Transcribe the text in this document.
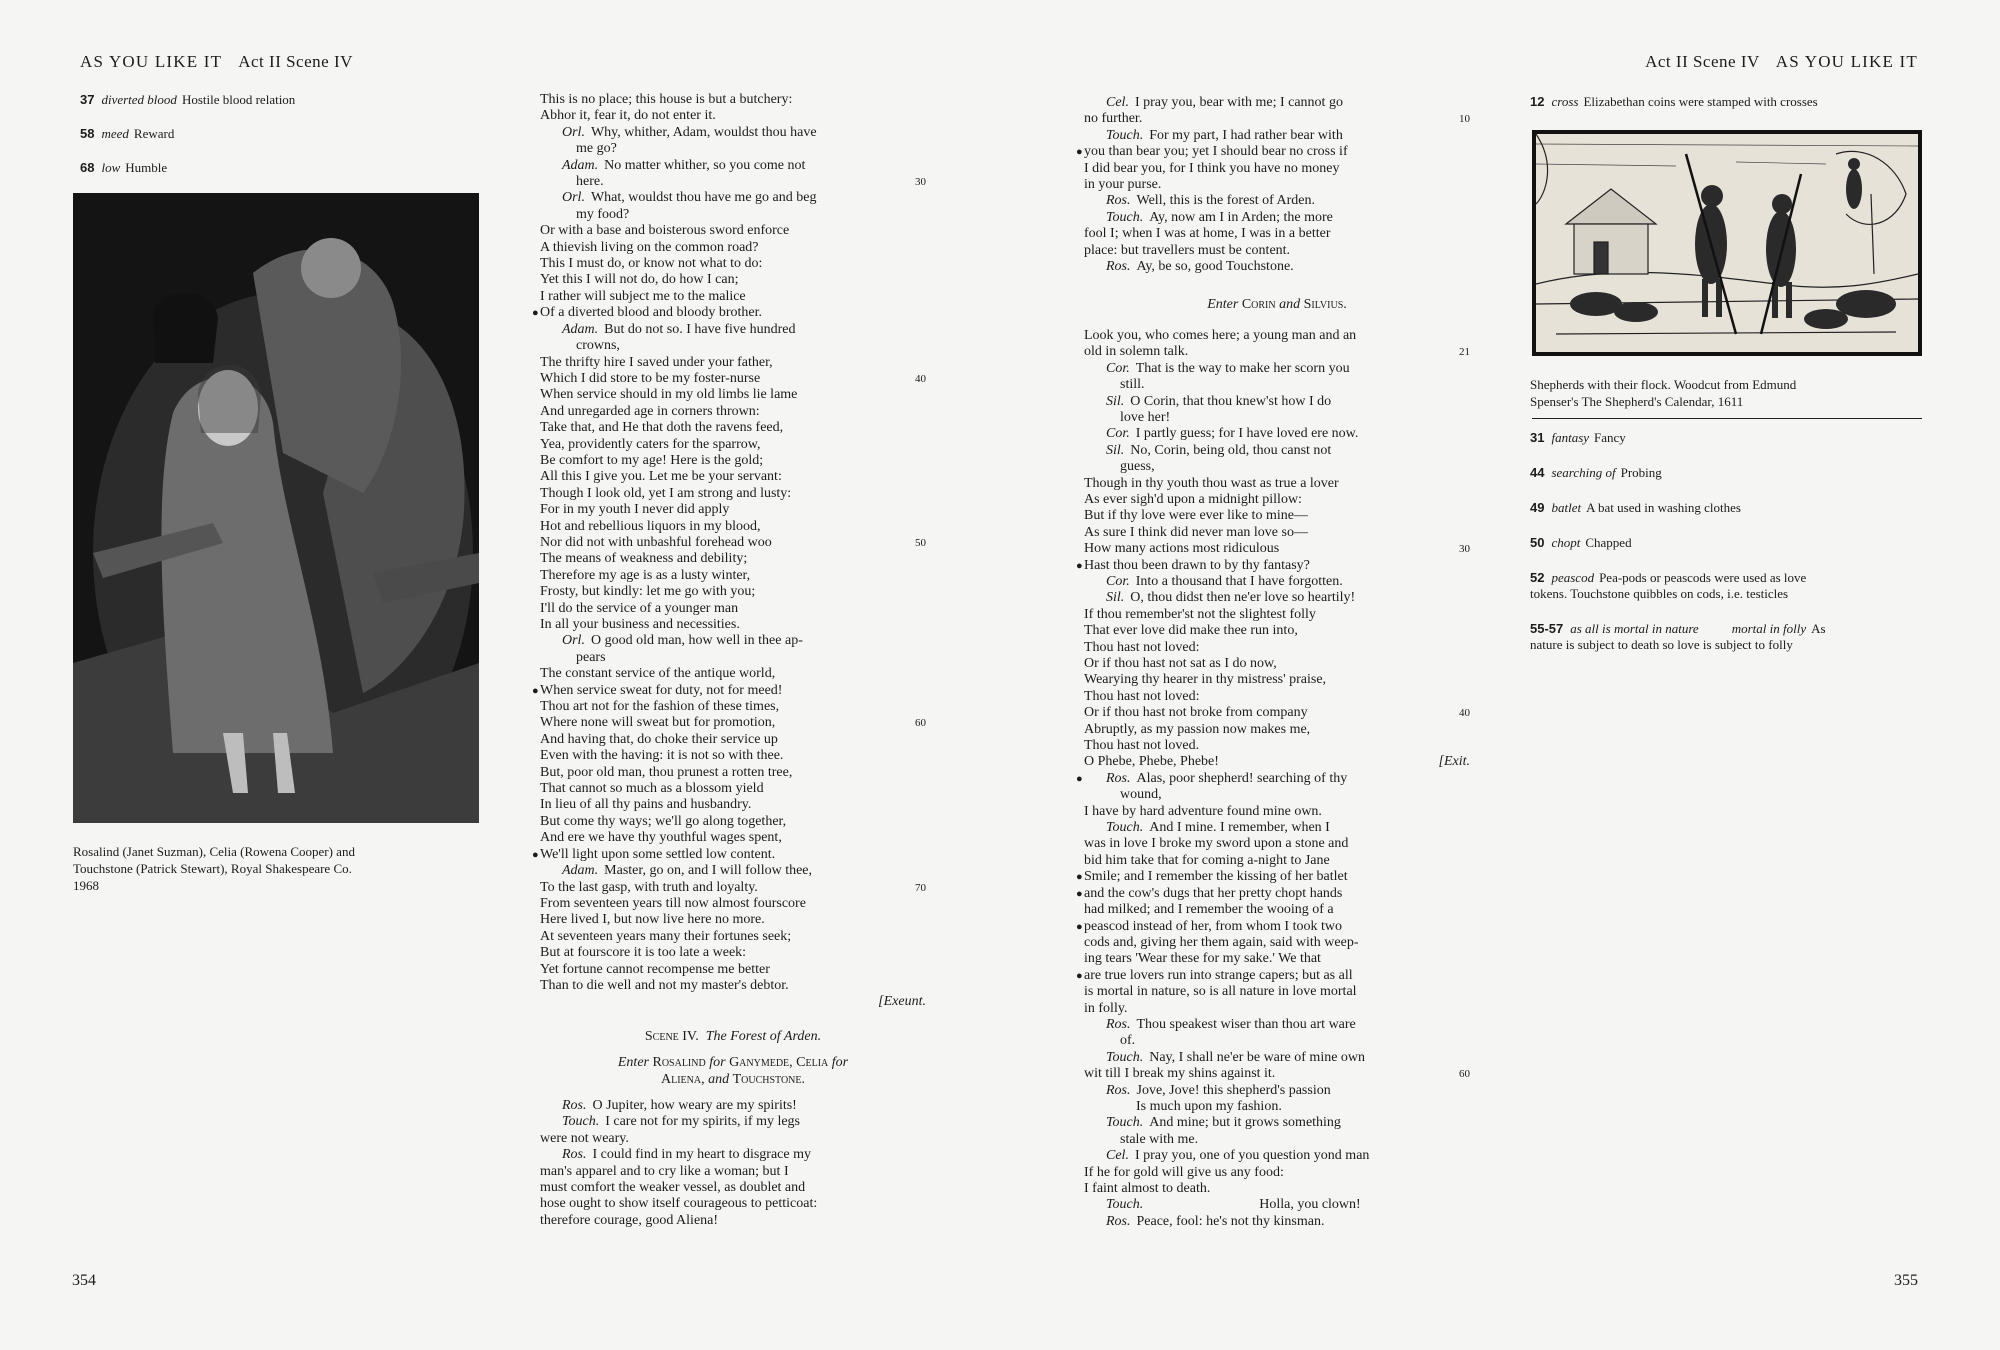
AS YOU LIKE IT Act II Scene IV
37 diverted blood Hostile blood relation
58 meed Reward
68 low Humble
Rosalind (Janet Suzman), Celia (Rowena Cooper) and
Touchstone (Patrick Stewart), Royal Shakespeare Co.
1968
This is no place; this house is but a butchery:
Abhor it, fear it, do not enter it.
Orl. Why, whither, Adam, wouldst thou have
me go?
Adam. No matter whither, so you come not
here.	30
Orl. What, wouldst thou have me go and beg
my food?
Or with a base and boisterous sword enforce
A thievish living on the common road?
This I must do, or know not what to do:
Yet this I will not do, do how I can;
I rather will subject me to the malice
● Of a diverted blood and bloody brother.
Adam. But do not so. I have five hundred
crowns,
The thrifty hire I saved under your father,
Which I did store to be my foster-nurse	40
When service should in my old limbs lie lame
And unregarded age in corners thrown:
Take that, and He that doth the ravens feed,
Yea, providently caters for the sparrow,
Be comfort to my age! Here is the gold;
All this I give you. Let me be your servant:
Though I look old, yet I am strong and lusty:
For in my youth I never did apply
Hot and rebellious liquors in my blood,
Nor did not with unbashful forehead woo	50
The means of weakness and debility;
Therefore my age is as a lusty winter,
Frosty, but kindly: let me go with you;
I'll do the service of a younger man
In all your business and necessities.
Orl. O good old man, how well in thee ap-
pears
The constant service of the antique world,
● When service sweat for duty, not for meed!
Thou art not for the fashion of these times,
Where none will sweat but for promotion,	60
And having that, do choke their service up
Even with the having: it is not so with thee.
But, poor old man, thou prunest a rotten tree,
That cannot so much as a blossom yield
In lieu of all thy pains and husbandry.
But come thy ways; we'll go along together,
And ere we have thy youthful wages spent,
● We'll light upon some settled low content.
Adam. Master, go on, and I will follow thee,
To the last gasp, with truth and loyalty.	70
From seventeen years till now almost fourscore
Here lived I, but now live here no more.
At seventeen years many their fortunes seek;
But at fourscore it is too late a week:
Yet fortune cannot recompense me better
Than to die well and not my master's debtor.
[Exeunt.
Scene IV. The Forest of Arden.
Enter Rosalind for Ganymede, Celia for
Aliena, and Touchstone.
Ros. O Jupiter, how weary are my spirits!
Touch. I care not for my spirits, if my legs
were not weary.
Ros. I could find in my heart to disgrace my
man's apparel and to cry like a woman; but I
must comfort the weaker vessel, as doublet and
hose ought to show itself courageous to petticoat:
therefore courage, good Aliena!
354
Cel. I pray you, bear with me; I cannot go
no further.	10
Touch. For my part, I had rather bear with
● you than bear you; yet I should bear no cross if
I did bear you, for I think you have no money
in your purse.
Ros. Well, this is the forest of Arden.
Touch. Ay, now am I in Arden; the more
fool I; when I was at home, I was in a better
place: but travellers must be content.
Ros. Ay, be so, good Touchstone.
Enter Corin and Silvius.
Look you, who comes here; a young man and an
old in solemn talk.	21
Cor. That is the way to make her scorn you
still.
Sil. O Corin, that thou knew'st how I do
love her!
Cor. I partly guess; for I have loved ere now.
Sil. No, Corin, being old, thou canst not
guess,
Though in thy youth thou wast as true a lover
As ever sigh'd upon a midnight pillow:
But if thy love were ever like to mine—
As sure I think did never man love so—
How many actions most ridiculous	30
● Hast thou been drawn to by thy fantasy?
Cor. Into a thousand that I have forgotten.
Sil. O, thou didst then ne'er love so heartily!
If thou remember'st not the slightest folly
That ever love did make thee run into,
Thou hast not loved:
Or if thou hast not sat as I do now,
Wearying thy hearer in thy mistress' praise,
Thou hast not loved:
Or if thou hast not broke from company	40
Abruptly, as my passion now makes me,
Thou hast not loved.
O Phebe, Phebe, Phebe!	[Exit.
● Ros. Alas, poor shepherd! searching of thy
wound,
I have by hard adventure found mine own.
Touch. And I mine. I remember, when I
was in love I broke my sword upon a stone and
bid him take that for coming a-night to Jane
● Smile; and I remember the kissing of her batlet
● and the cow's dugs that her pretty chopt hands
had milked; and I remember the wooing of a
● peascod instead of her, from whom I took two
cods and, giving her them again, said with weep-
ing tears 'Wear these for my sake.' We that
● are true lovers run into strange capers; but as all
is mortal in nature, so is all nature in love mortal
in folly.
Ros. Thou speakest wiser than thou art ware
of.
Touch. Nay, I shall ne'er be ware of mine own
wit till I break my shins against it.	60
Ros. Jove, Jove! this shepherd's passion
Is much upon my fashion.
Touch. And mine; but it grows something
stale with me.
Cel. I pray you, one of you question yond man
If he for gold will give us any food:
I faint almost to death.
Touch.	Holla, you clown!
Ros. Peace, fool: he's not thy kinsman.
Act II Scene IV AS YOU LIKE IT
12 cross Elizabethan coins were stamped with crosses
Shepherds with their flock. Woodcut from Edmund
Spenser's The Shepherd's Calendar, 1611
31 fantasy Fancy
44 searching of Probing
49 batlet A bat used in washing clothes
50 chopt Chapped
52 peascod Pea-pods or peascods were used as love
tokens. Touchstone quibbles on cods, i.e. testicles
55-57 as all is mortal in nature	mortal in folly As
nature is subject to death so love is subject to folly
355
